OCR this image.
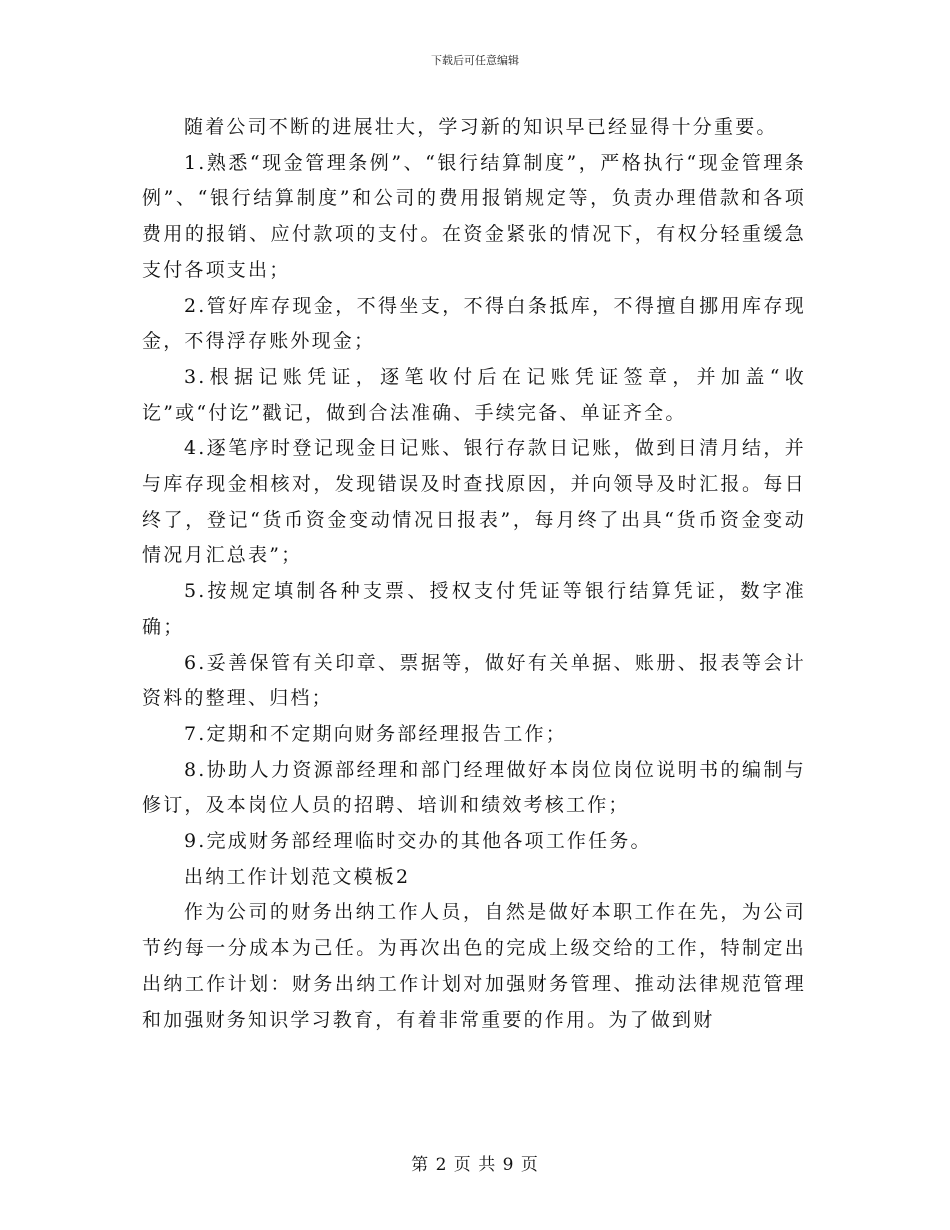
下载后可任意编辑

随着公司不断的进展壮大，学习新的知识早已经显得十分重要。

1.熟悉“现金管理条例”、“银行结算制度”，严格执行“现金管理条例”、“银行结算制度”和公司的费用报销规定等，负责办理借款和各项费用的报销、应付款项的支付。在资金紧张的情况下，有权分轻重缓急支付各项支出；

2.管好库存现金，不得坐支，不得白条抵库，不得擅自挪用库存现金，不得浮存账外现金；

3.根据记账凭证，逐笔收付后在记账凭证签章，并加盖“收讫”或“付讫”戳记，做到合法准确、手续完备、单证齐全。

4.逐笔序时登记现金日记账、银行存款日记账，做到日清月结，并与库存现金相核对，发现错误及时查找原因，并向领导及时汇报。每日终了，登记“货币资金变动情况日报表”，每月终了出具“货币资金变动情况月汇总表”；

5.按规定填制各种支票、授权支付凭证等银行结算凭证，数字准确；

6.妥善保管有关印章、票据等，做好有关单据、账册、报表等会计资料的整理、归档；

7.定期和不定期向财务部经理报告工作；

8.协助人力资源部经理和部门经理做好本岗位岗位说明书的编制与修订，及本岗位人员的招聘、培训和绩效考核工作；

9.完成财务部经理临时交办的其他各项工作任务。

出纳工作计划范文模板2

作为公司的财务出纳工作人员，自然是做好本职工作在先，为公司节约每一分成本为己任。为再次出色的完成上级交给的工作，特制定出出纳工作计划：财务出纳工作计划对加强财务管理、推动法律规范管理和加强财务知识学习教育，有着非常重要的作用。为了做到财

第 2 页 共 9 页
